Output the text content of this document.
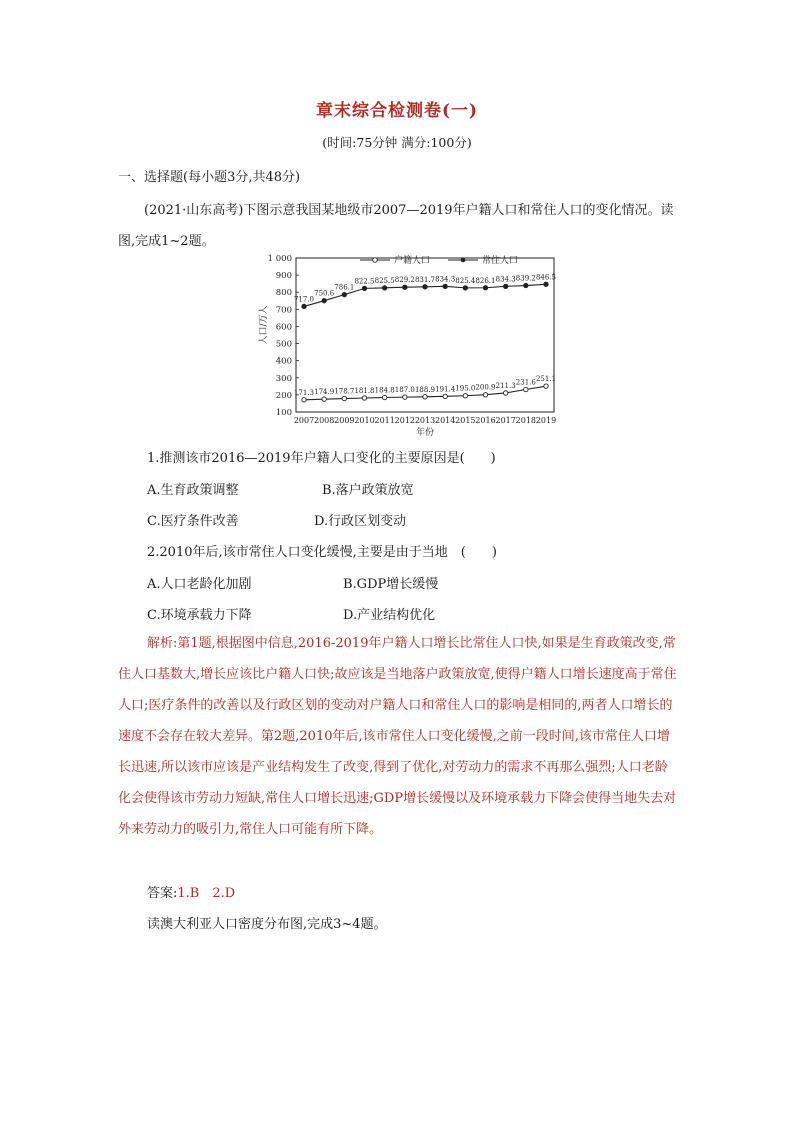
章末综合检测卷(一)
(时间:75分钟 满分:100分)
一、选择题(每小题3分,共48分)
(2021·山东高考)下图示意我国某地级市2007—2019年户籍人口和常住人口的变化情况。读图,完成1~2题。
100
200
300
400
500
600
700
800
900
1 000
2007 2008 2009 2010 2011 2012 2013 2014 2015 2016 2017 2018 2019
人口/万人
年份
户籍人口	常住人口
171.3 174.9 178.7 181.8 184.8 187.0 188.9 191.4 195.0 200.9 211.3 231.6 251.1
717.0
750.6
786.1
822.5 825.5 829.2 831.7 834.3 825.4 826.1 834.3 839.2 846.5
1.推测该市2016—2019年户籍人口变化的主要原因是(　　)
A.生育政策调整	B.落户政策放宽
C.医疗条件改善	D.行政区划变动
2.2010年后,该市常住人口变化缓慢,主要是由于当地　(　　)
A.人口老龄化加剧	B.GDP增长缓慢
C.环境承载力下降	D.产业结构优化
解析:第1题,根据图中信息,2016-2019年户籍人口增长比常住人口快,如果是生育政策改变,常住人口基数大,增长应该比户籍人口快;故应该是当地落户政策放宽,使得户籍人口增长速度高于常住人口;医疗条件的改善以及行政区划的变动对户籍人口和常住人口的影响是相同的,两者人口增长的速度不会存在较大差异。第2题,2010年后,该市常住人口变化缓慢,之前一段时间,该市常住人口增长迅速,所以该市应该是产业结构发生了改变,得到了优化,对劳动力的需求不再那么强烈;人口老龄化会使得该市劳动力短缺,常住人口增长迅速;GDP增长缓慢以及环境承载力下降会使得当地失去对外来劳动力的吸引力,常住人口可能有所下降。
答案:1.B　2.D
读澳大利亚人口密度分布图,完成3~4题。
